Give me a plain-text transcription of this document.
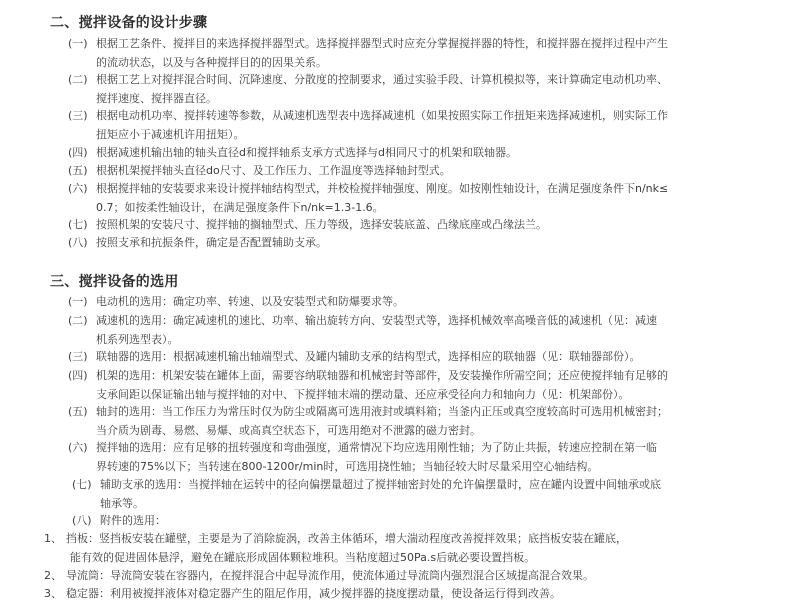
二、搅拌设备的设计步骤
(一) 根据工艺条件、搅拌目的来选择搅拌器型式。选择搅拌器型式时应充分掌握搅拌器的特性，和搅拌器在搅拌过程中产生
的流动状态，以及与各种搅拌目的的因果关系。
(二) 根据工艺上对搅拌混合时间、沉降速度、分散度的控制要求，通过实验手段、计算机模拟等，来计算确定电动机功率、
搅拌速度、搅拌器直径。
(三) 根据电动机功率、搅拌转速等参数，从减速机选型表中选择减速机（如果按照实际工作扭矩来选择减速机，则实际工作
扭矩应小于减速机许用扭矩）。
(四) 根据减速机输出轴的轴头直径d和搅拌轴系支承方式选择与d相同尺寸的机架和联轴器。
(五) 根据机架搅拌轴头直径do尺寸、及工作压力、工作温度等选择轴封型式。
(六) 根据搅拌轴的安装要求来设计搅拌轴结构型式，并校检搅拌轴强度、刚度。如按刚性轴设计，在满足强度条件下n/nk≤
0.7；如按柔性轴设计，在满足强度条件下n/nk=1.3-1.6。
(七) 按照机架的安装尺寸、搅拌轴的搁轴型式、压力等级，选择安装底盖、凸缘底座或凸缘法兰。
(八) 按照支承和抗振条件，确定是否配置辅助支承。
三、搅拌设备的选用
(一) 电动机的选用：确定功率、转速、以及安装型式和防爆要求等。
(二) 减速机的选用：确定减速机的速比、功率、输出旋转方向、安装型式等，选择机械效率高噪音低的减速机（见：减速
机系列选型表）。
(三) 联轴器的选用：根据减速机输出轴端型式、及罐内辅助支承的结构型式，选择相应的联轴器（见：联轴器部份）。
(四) 机架的选用：机架安装在罐体上面，需要容纳联轴器和机械密封等部件，及安装操作所需空间；还应使搅拌轴有足够的
支承间距以保证输出轴与搅拌轴的对中、下搅拌轴末端的摆动量、还应承受径向力和轴向力（见：机架部份）。
(五) 轴封的选用：当工作压力为常压时仅为防尘或隔离可选用液封或填料箱；当釜内正压或真空度较高时可选用机械密封；
当介质为剧毒、易燃、易爆、或高真空状态下，可选用绝对不泄露的磁力密封。
(六) 搅拌轴的选用：应有足够的扭转强度和弯曲强度，通常情况下均应选用刚性轴；为了防止共振，转速应控制在第一临
界转速的75%以下；当转速在800-1200r/min时，可选用挠性轴；当轴径较大时尽量采用空心轴结构。
(七) 辅助支承的选用：当搅拌轴在运转中的径向偏摆量超过了搅拌轴密封处的允许偏摆量时，应在罐内设置中间轴承或底
轴承等。
(八) 附件的选用：
1、 挡板：竖挡板安装在罐壁，主要是为了消除旋涡，改善主体循环，增大湍动程度改善搅拌效果；底挡板安装在罐底，
能有效的促进固体悬浮，避免在罐底形成固体颗粒堆积。当粘度超过50Pa.s后就必要设置挡板。
2、 导流筒：导流筒安装在容器内，在搅拌混合中起导流作用，使流体通过导流筒内强烈混合区域提高混合效果。
3、 稳定器：利用被搅拌液体对稳定器产生的阻尼作用，减少搅拌器的挠度摆动量，使设备运行得到改善。
